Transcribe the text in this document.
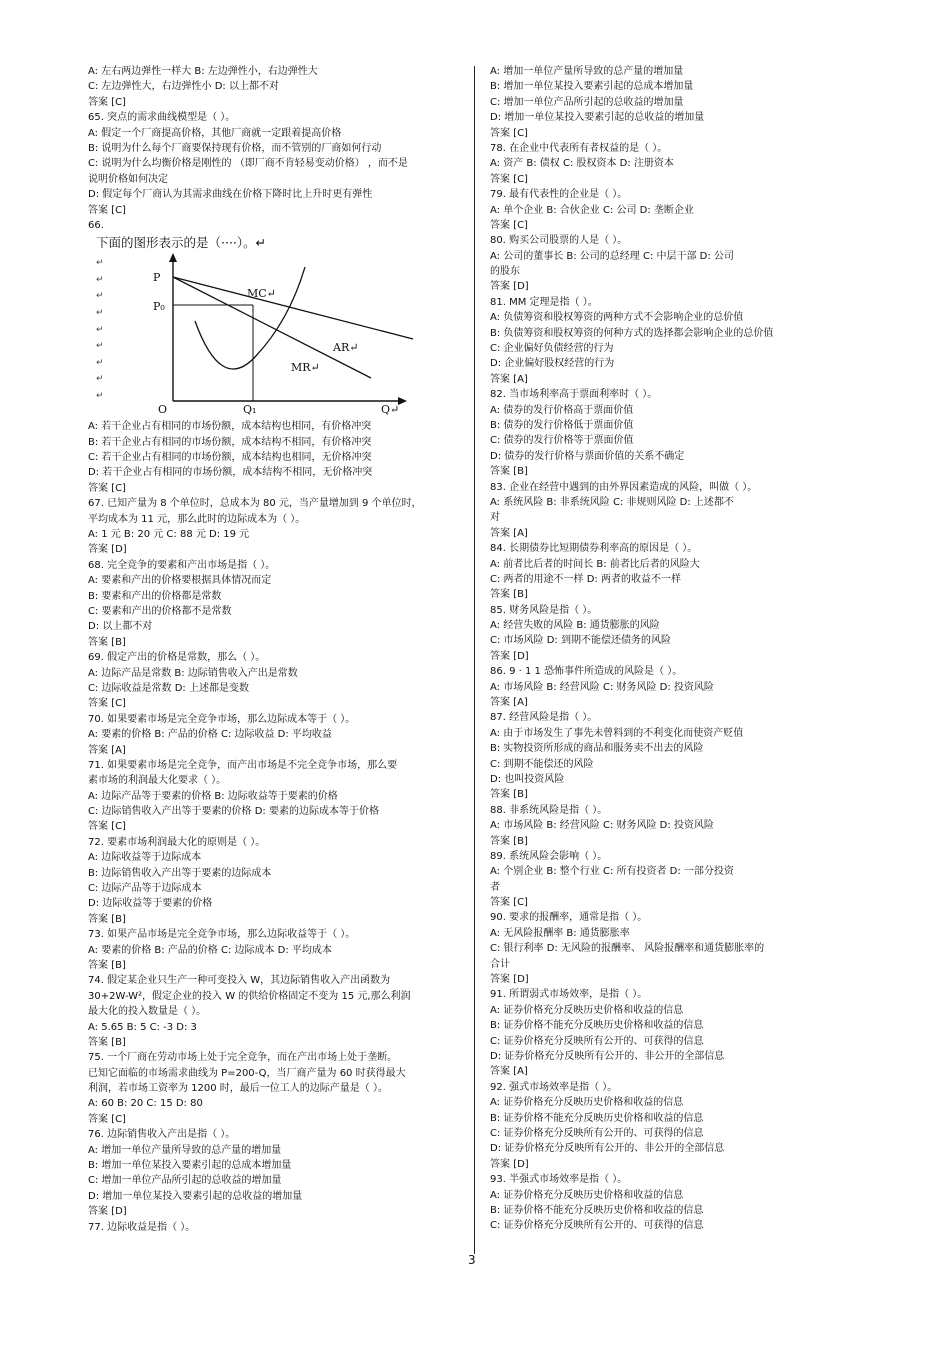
A: 左右两边弹性一样大 B: 左边弹性小，右边弹性大
C: 左边弹性大，右边弹性小 D: 以上都不对
答案 [C]
65. 突点的需求曲线模型是（ ）。
A: 假定一个厂商提高价格，其他厂商就一定跟着提高价格
B: 说明为什么每个厂商要保持现有价格，而不管别的厂商如何行动
C: 说明为什么均衡价格是刚性的 （即厂商不肯轻易变动价格） ，而不是
说明价格如何决定
D: 假定每个厂商认为其需求曲线在价格下降时比上升时更有弹性
答案 [C]
66.
下面的图形表示的是（····）。↵
↵
↵
↵
↵
↵
↵
↵
↵
↵
P
P₀
MC↵
AR↵
MR↵
O	Q₁	Q↵
A: 若干企业占有相同的市场份额，成本结构也相同，有价格冲突
B: 若干企业占有相同的市场份额，成本结构不相同，有价格冲突
C: 若干企业占有相同的市场份额，成本结构也相同，无价格冲突
D: 若干企业占有相同的市场份额，成本结构不相同，无价格冲突
答案 [C]
67. 已知产量为 8 个单位时，总成本为 80 元，当产量增加到 9 个单位时，
平均成本为 11 元，那么此时的边际成本为（ ）。
A: 1 元 B: 20 元 C: 88 元 D: 19 元
答案 [D]
68. 完全竞争的要素和产出市场是指（ ）。
A: 要素和产出的价格要根据具体情况而定
B: 要素和产出的价格都是常数
C: 要素和产出的价格都不是常数
D: 以上都不对
答案 [B]
69. 假定产出的价格是常数，那么（ ）。
A: 边际产品是常数 B: 边际销售收入产出是常数
C: 边际收益是常数 D: 上述都是变数
答案 [C]
70. 如果要素市场是完全竞争市场，那么边际成本等于（ ）。
A: 要素的价格 B: 产品的价格 C: 边际收益 D: 平均收益
答案 [A]
71. 如果要素市场是完全竞争，而产出市场是不完全竞争市场，那么要
素市场的利润最大化要求（ ）。
A: 边际产品等于要素的价格 B: 边际收益等于要素的价格
C: 边际销售收入产出等于要素的价格 D: 要素的边际成本等于价格
答案 [C]
72. 要素市场利润最大化的原则是（ ）。
A: 边际收益等于边际成本
B: 边际销售收入产出等于要素的边际成本
C: 边际产品等于边际成本
D: 边际收益等于要素的价格
答案 [B]
73. 如果产品市场是完全竞争市场，那么边际收益等于（ ）。
A: 要素的价格 B: 产品的价格 C: 边际成本 D: 平均成本
答案 [B]
74. 假定某企业只生产一种可变投入 W，其边际销售收入产出函数为
30+2W-W²，假定企业的投入 W 的供给价格固定不变为 15 元,那么利润
最大化的投入数量是（ ）。
A: 5.65 B: 5 C: -3 D: 3
答案 [B]
75. 一个厂商在劳动市场上处于完全竞争，而在产出市场上处于垄断。
已知它面临的市场需求曲线为 P=200-Q，当厂商产量为 60 时获得最大
利润，若市场工资率为 1200 时，最后一位工人的边际产量是（ ）。
A: 60 B: 20 C: 15 D: 80
答案 [C]
76. 边际销售收入产出是指（ ）。
A: 增加一单位产量所导致的总产量的增加量
B: 增加一单位某投入要素引起的总成本增加量
C: 增加一单位产品所引起的总收益的增加量
D: 增加一单位某投入要素引起的总收益的增加量
答案 [D]
77. 边际收益是指（ ）。
A: 增加一单位产量所导致的总产量的增加量
B: 增加一单位某投入要素引起的总成本增加量
C: 增加一单位产品所引起的总收益的增加量
D: 增加一单位某投入要素引起的总收益的增加量
答案 [C]
78. 在企业中代表所有者权益的是（ ）。
A: 资产 B: 债权 C: 股权资本 D: 注册资本
答案 [C]
79. 最有代表性的企业是（ ）。
A: 单个企业 B: 合伙企业 C: 公司 D: 垄断企业
答案 [C]
80. 购买公司股票的人是（ ）。
A: 公司的董事长 B: 公司的总经理 C: 中层干部 D: 公司
的股东
答案 [D]
81. MM 定理是指（ ）。
A: 负债筹资和股权筹资的两种方式不会影响企业的总价值
B: 负债筹资和股权筹资的何种方式的选择都会影响企业的总价值
C: 企业偏好负债经营的行为
D: 企业偏好股权经营的行为
答案 [A]
82. 当市场利率高于票面利率时（ ）。
A: 债券的发行价格高于票面价值
B: 债券的发行价格低于票面价值
C: 债券的发行价格等于票面价值
D: 债券的发行价格与票面价值的关系不确定
答案 [B]
83. 企业在经营中遇到的由外界因素造成的风险，叫做（ ）。
A: 系统风险 B: 非系统风险 C: 非规则风险 D: 上述都不
对
答案 [A]
84. 长期债券比短期债券利率高的原因是（ ）。
A: 前者比后者的时间长 B: 前者比后者的风险大
C: 两者的用途不一样 D: 两者的收益不一样
答案 [B]
85. 财务风险是指（ ）。
A: 经营失败的风险 B: 通货膨胀的风险
C: 市场风险 D: 到期不能偿还债务的风险
答案 [D]
86. 9 · 1 1 恐怖事件所造成的风险是（ ）。
A: 市场风险 B: 经营风险 C: 财务风险 D: 投资风险
答案 [A]
87. 经营风险是指（ ）。
A: 由于市场发生了事先未曾料到的不利变化而使资产贬值
B: 实物投资所形成的商品和服务卖不出去的风险
C: 到期不能偿还的风险
D: 也叫投资风险
答案 [B]
88. 非系统风险是指（ ）。
A: 市场风险 B: 经营风险 C: 财务风险 D: 投资风险
答案 [B]
89. 系统风险会影响（ ）。
A: 个别企业 B: 整个行业 C: 所有投资者 D: 一部分投资
者
答案 [C]
90. 要求的报酬率，通常是指（ ）。
A: 无风险报酬率 B: 通货膨胀率
C: 银行利率 D: 无风险的报酬率、 风险报酬率和通货膨胀率的
合计
答案 [D]
91. 所谓弱式市场效率，是指（ ）。
A: 证券价格充分反映历史价格和收益的信息
B: 证券价格不能充分反映历史价格和收益的信息
C: 证券价格充分反映所有公开的、可获得的信息
D: 证券价格充分反映所有公开的、非公开的全部信息
答案 [A]
92. 强式市场效率是指（ ）。
A: 证券价格充分反映历史价格和收益的信息
B: 证券价格不能充分反映历史价格和收益的信息
C: 证券价格充分反映所有公开的、可获得的信息
D: 证券价格充分反映所有公开的、非公开的全部信息
答案 [D]
93. 半强式市场效率是指（ ）。
A: 证券价格充分反映历史价格和收益的信息
B: 证券价格不能充分反映历史价格和收益的信息
C: 证券价格充分反映所有公开的、可获得的信息
3
